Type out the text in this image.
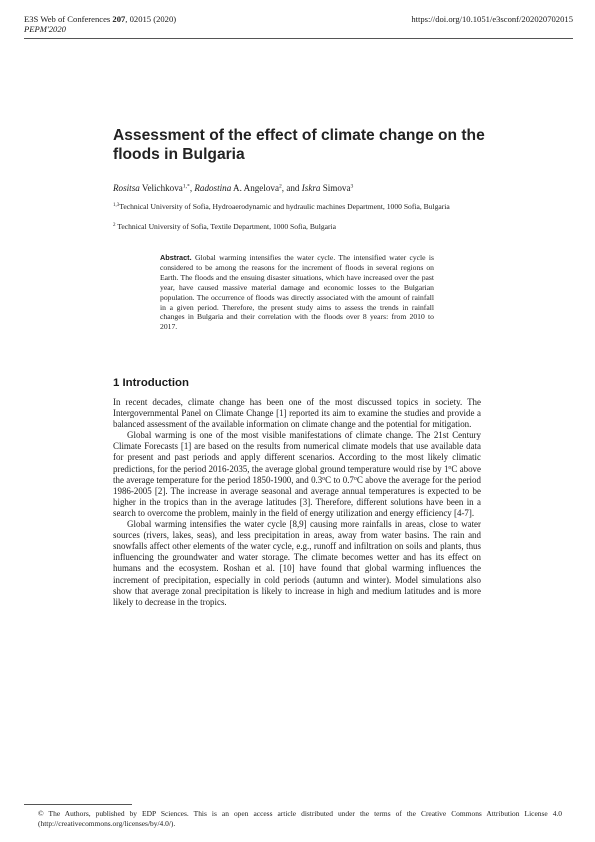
E3S Web of Conferences 207, 02015 (2020)
PEPM'2020
https://doi.org/10.1051/e3sconf/202020702015
Assessment of the effect of climate change on the floods in Bulgaria
Rositsa Velichkova$^{1,*}$, Radostina A. Angelova$^2$, and Iskra Simova$^3$
$^{1,3}$Technical University of Sofia, Hydroaerodynamic and hydraulic machines Department, 1000 Sofia, Bulgaria
$^2$ Technical University of Sofia, Textile Department, 1000 Sofia, Bulgaria

Abstract. Global warming intensifies the water cycle. The intensified water cycle is considered to be among the reasons for the increment of floods in several regions on Earth. The floods and the ensuing disaster situations, which have increased over the past year, have caused massive material damage and economic losses to the Bulgarian population. The occurrence of floods was directly associated with the amount of rainfall in a given period. Therefore, the present study aims to assess the trends in rainfall changes in Bulgaria and their correlation with the floods over 8 years: from 2010 to 2017.

1 Introduction

In recent decades, climate change has been one of the most discussed topics in society. The Intergovernmental Panel on Climate Change [1] reported its aim to examine the studies and provide a balanced assessment of the available information on climate change and the potential for mitigation.

Global warming is one of the most visible manifestations of climate change. The 21st Century Climate Forecasts [1] are based on the results from numerical climate models that use available data for present and past periods and apply different scenarios. According to the most likely climatic predictions, for the period 2016-2035, the average global ground temperature would rise by 1$^o$C above the average temperature for the period 1850-1900, and 0.3$^o$C to 0.7$^o$C above the average for the period 1986-2005 [2]. The increase in average seasonal and average annual temperatures is expected to be higher in the tropics than in the average latitudes [3]. Therefore, different solutions have been in a search to overcome the problem, mainly in the field of energy utilization and energy efficiency [4-7].

Global warming intensifies the water cycle [8,9] causing more rainfalls in areas, close to water sources (rivers, lakes, seas), and less precipitation in areas, away from water basins. The rain and snowfalls affect other elements of the water cycle, e.g., runoff and infiltration on soils and plants, thus influencing the groundwater and water storage. The climate becomes wetter and has its effect on humans and the ecosystem. Roshan et al. [10] have found that global warming influences the increment of precipitation, especially in cold periods (autumn and winter). Model simulations also show that average zonal precipitation is likely to increase in high and medium latitudes and is more likely to decrease in the tropics.

© The Authors, published by EDP Sciences. This is an open access article distributed under the terms of the Creative Commons Attribution License 4.0 (http://creativecommons.org/licenses/by/4.0/).
